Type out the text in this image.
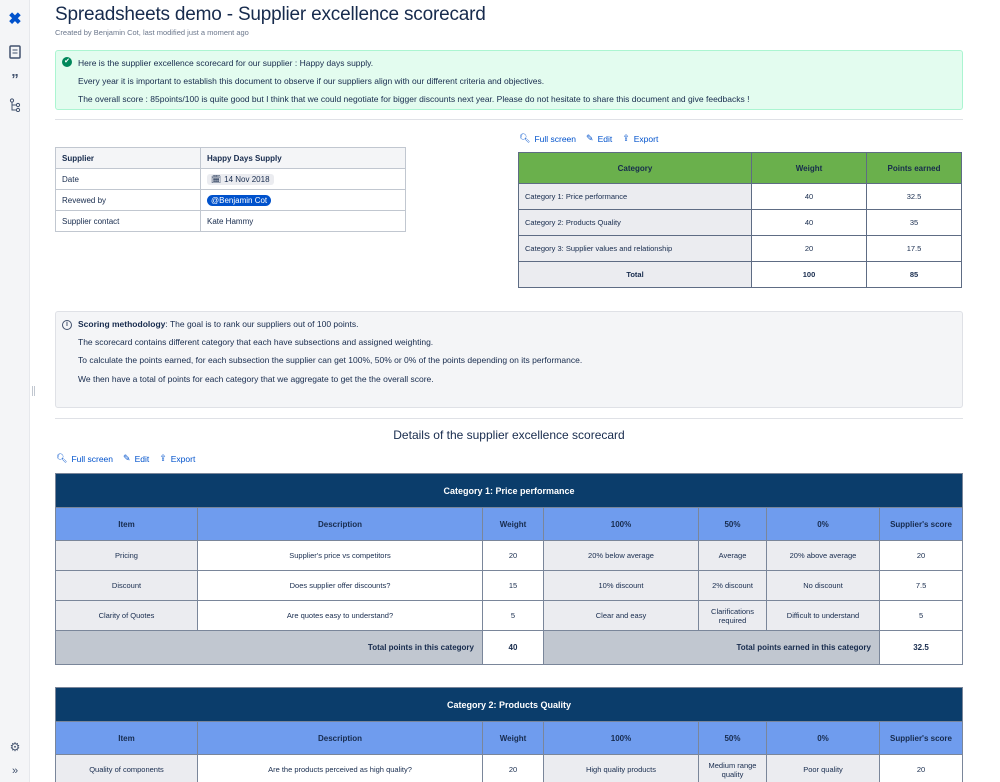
✖
”
⚙
»
Spreadsheets demo - Supplier excellence scorecard
Created by Benjamin Cot, last modified just a moment ago
✔ Here is the supplier excellence scorecard for our supplier : Happy days supply.
Every year it is important to establish this document to observe if our suppliers align with our different criteria and objectives.
The overall score : 85points/100 is quite good but I think that we could negotiate for bigger discounts next year. Please do not hesitate to share this document and give feedbacks !
🔍︎ Full screen ✎ Edit ⇪ Export
Supplier	Happy Days Supply
Date	🗓︎ 14 Nov 2018

Revewed by	@Benjamin Cot
Supplier contact	Kate Hammy
Category	Weight	Points earned
Category 1: Price performance	40	32.5
Category 2: Products Quality	40	35
Category 3: Supplier values and relationship	20	17.5
Total	100	85
i	Scoring methodology: The goal is to rank our suppliers out of 100 points.
The scorecard contains different category that each have subsections and assigned weighting.
To calculate the points earned, for each subsection the supplier can get 100%, 50% or 0% of the points depending on its performance.
We then have a total of points for each category that we aggregate to get the the overall score.
Details of the supplier excellence scorecard
🔍︎ Full screen ✎ Edit ⇪ Export
Category 1: Price performance						
Item	Description	Weight	100%	50%	0%	Supplier's score
Pricing	Supplier's price vs competitors	20	20% below average	Average	20% above average	20
Discount	Does supplier offer discounts?	15	10% discount	2% discount	No discount	7.5
Clarity of Quotes	Are quotes easy to understand?	5	Clear and easy	Clarifications required	Difficult to understand	5
Total points in this category		40	Total points earned in this category			32.5
Category 2: Products Quality						
Item	Description	Weight	100%	50%	0%	Supplier's score
Quality of components	Are the products perceived as high quality?	20	High quality products	Medium range quality	Poor quality	20
